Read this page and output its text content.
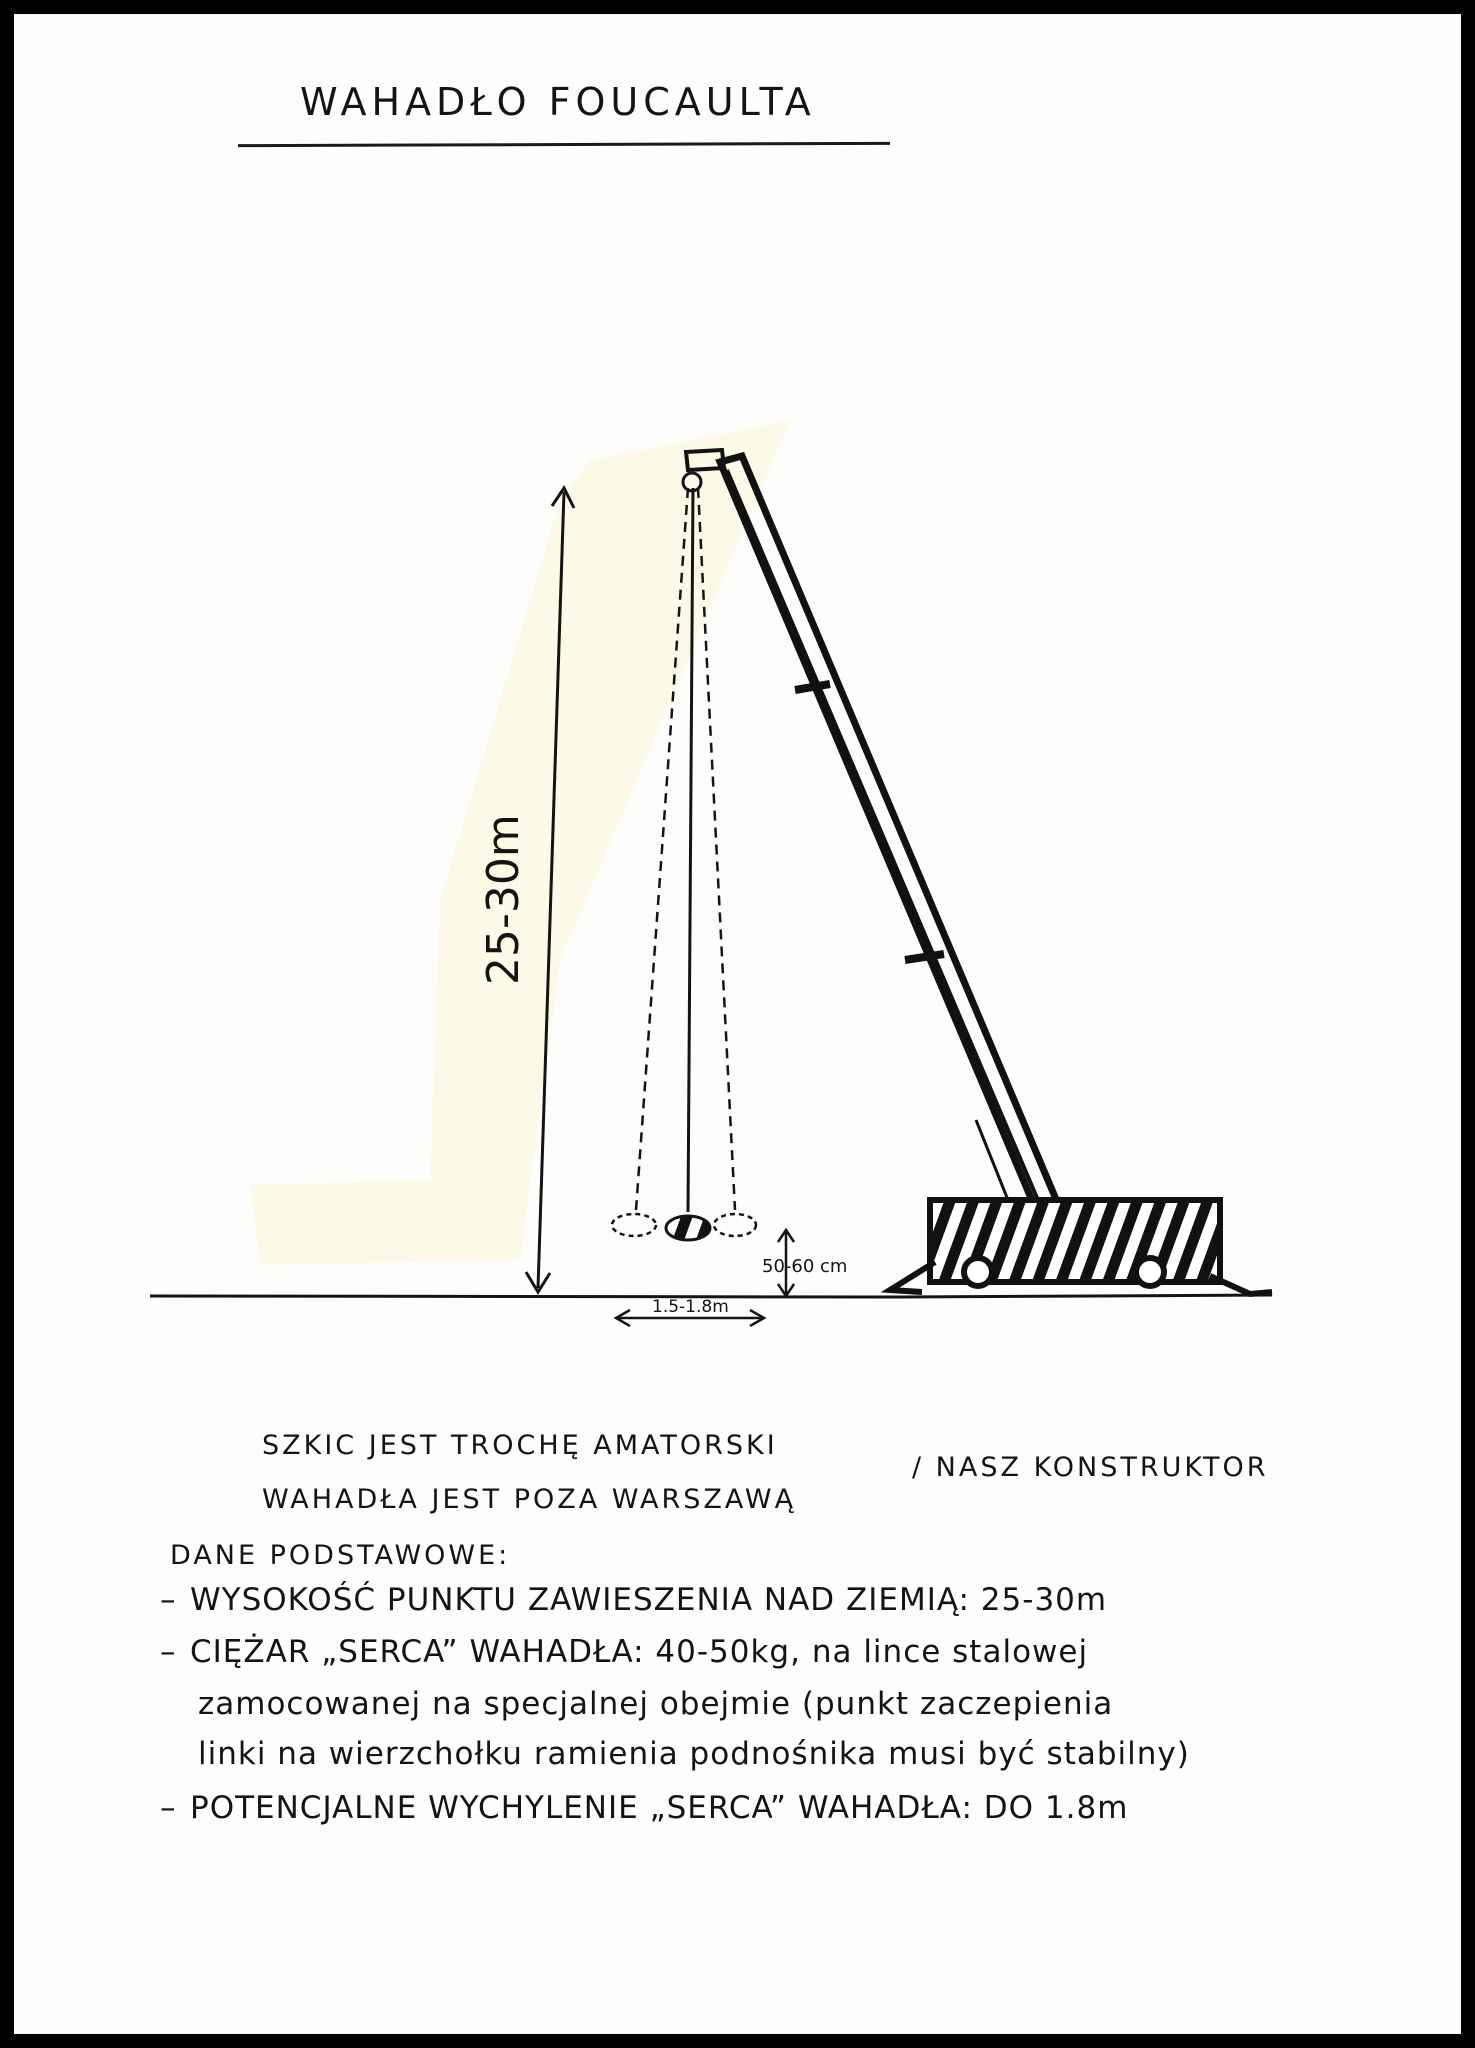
WAHADŁO FOUCAULTA
25-30m
50-60 cm
1.5-1.8m
SZKIC JEST TROCHĘ AMATORSKI
/ NASZ KONSTRUKTOR
WAHADŁA JEST POZA WARSZAWĄ
DANE PODSTAWOWE:
– WYSOKOŚĆ PUNKTU ZAWIESZENIA NAD ZIEMIĄ: 25-30m
– CIĘŻAR „SERCA” WAHADŁA: 40-50kg, na lince stalowej
zamocowanej na specjalnej obejmie (punkt zaczepienia
linki na wierzchołku ramienia podnośnika musi być stabilny)
– POTENCJALNE WYCHYLENIE „SERCA” WAHADŁA: DO 1.8m
